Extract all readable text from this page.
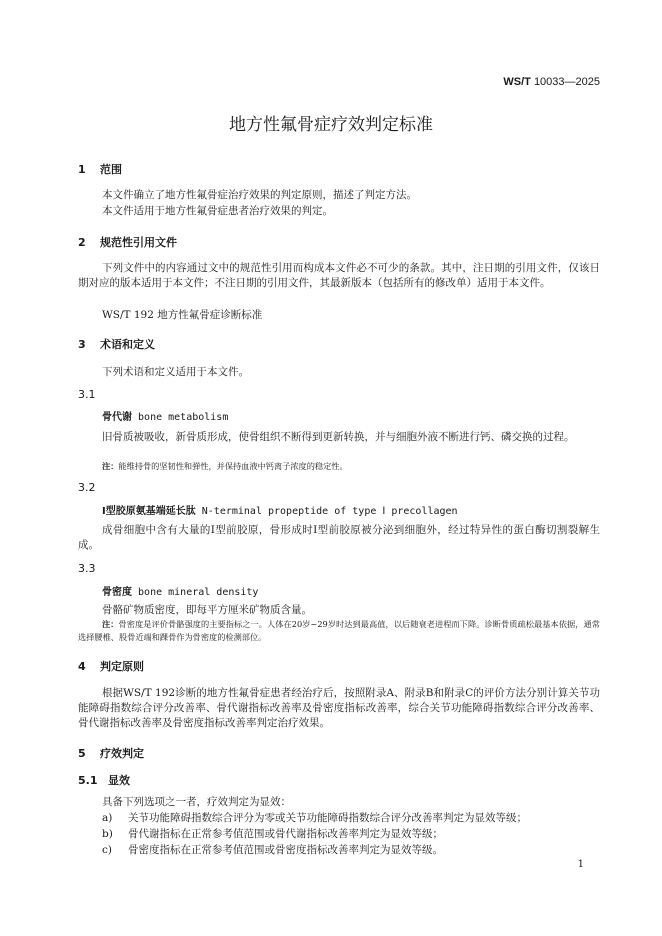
WS/T 10033—2025
地方性氟骨症疗效判定标准
1 范围
本文件确立了地方性氟骨症治疗效果的判定原则，描述了判定方法。
本文件适用于地方性氟骨症患者治疗效果的判定。
2 规范性引用文件
下列文件中的内容通过文中的规范性引用而构成本文件必不可少的条款。其中，注日期的引用文件，仅该日期对应的版本适用于本文件；不注日期的引用文件，其最新版本（包括所有的修改单）适用于本文件。
WS/T 192 地方性氟骨症诊断标准
3 术语和定义
下列术语和定义适用于本文件。
3.1
骨代谢 bone metabolism
旧骨质被吸收，新骨质形成，使骨组织不断得到更新转换，并与细胞外液不断进行钙、磷交换的过程。
注：能维持骨的坚韧性和弹性，并保持血液中钙离子浓度的稳定性。
3.2
Ⅰ型胶原氨基端延长肽 N-terminal propeptide of type Ⅰ precollagen
成骨细胞中含有大量的Ⅰ型前胶原，骨形成时Ⅰ型前胶原被分泌到细胞外，经过特异性的蛋白酶切割裂解生成。
3.3
骨密度 bone mineral density
骨骼矿物质密度，即每平方厘米矿物质含量。
注：骨密度是评价骨骼强度的主要指标之一。人体在20岁~29岁时达到最高值，以后随衰老进程而下降。诊断骨质疏松最基本依据，通常选择腰椎、股骨近端和踝骨作为骨密度的检测部位。
4 判定原则
根据WS/T 192诊断的地方性氟骨症患者经治疗后，按照附录A、附录B和附录C的评价方法分别计算关节功能障碍指数综合评分改善率、骨代谢指标改善率及骨密度指标改善率，综合关节功能障碍指数综合评分改善率、骨代谢指标改善率及骨密度指标改善率判定治疗效果。
5 疗效判定
5.1 显效
具备下列选项之一者，疗效判定为显效：
a) 关节功能障碍指数综合评分为零或关节功能障碍指数综合评分改善率判定为显效等级；
b) 骨代谢指标在正常参考值范围或骨代谢指标改善率判定为显效等级；
c) 骨密度指标在正常参考值范围或骨密度指标改善率判定为显效等级。
1
